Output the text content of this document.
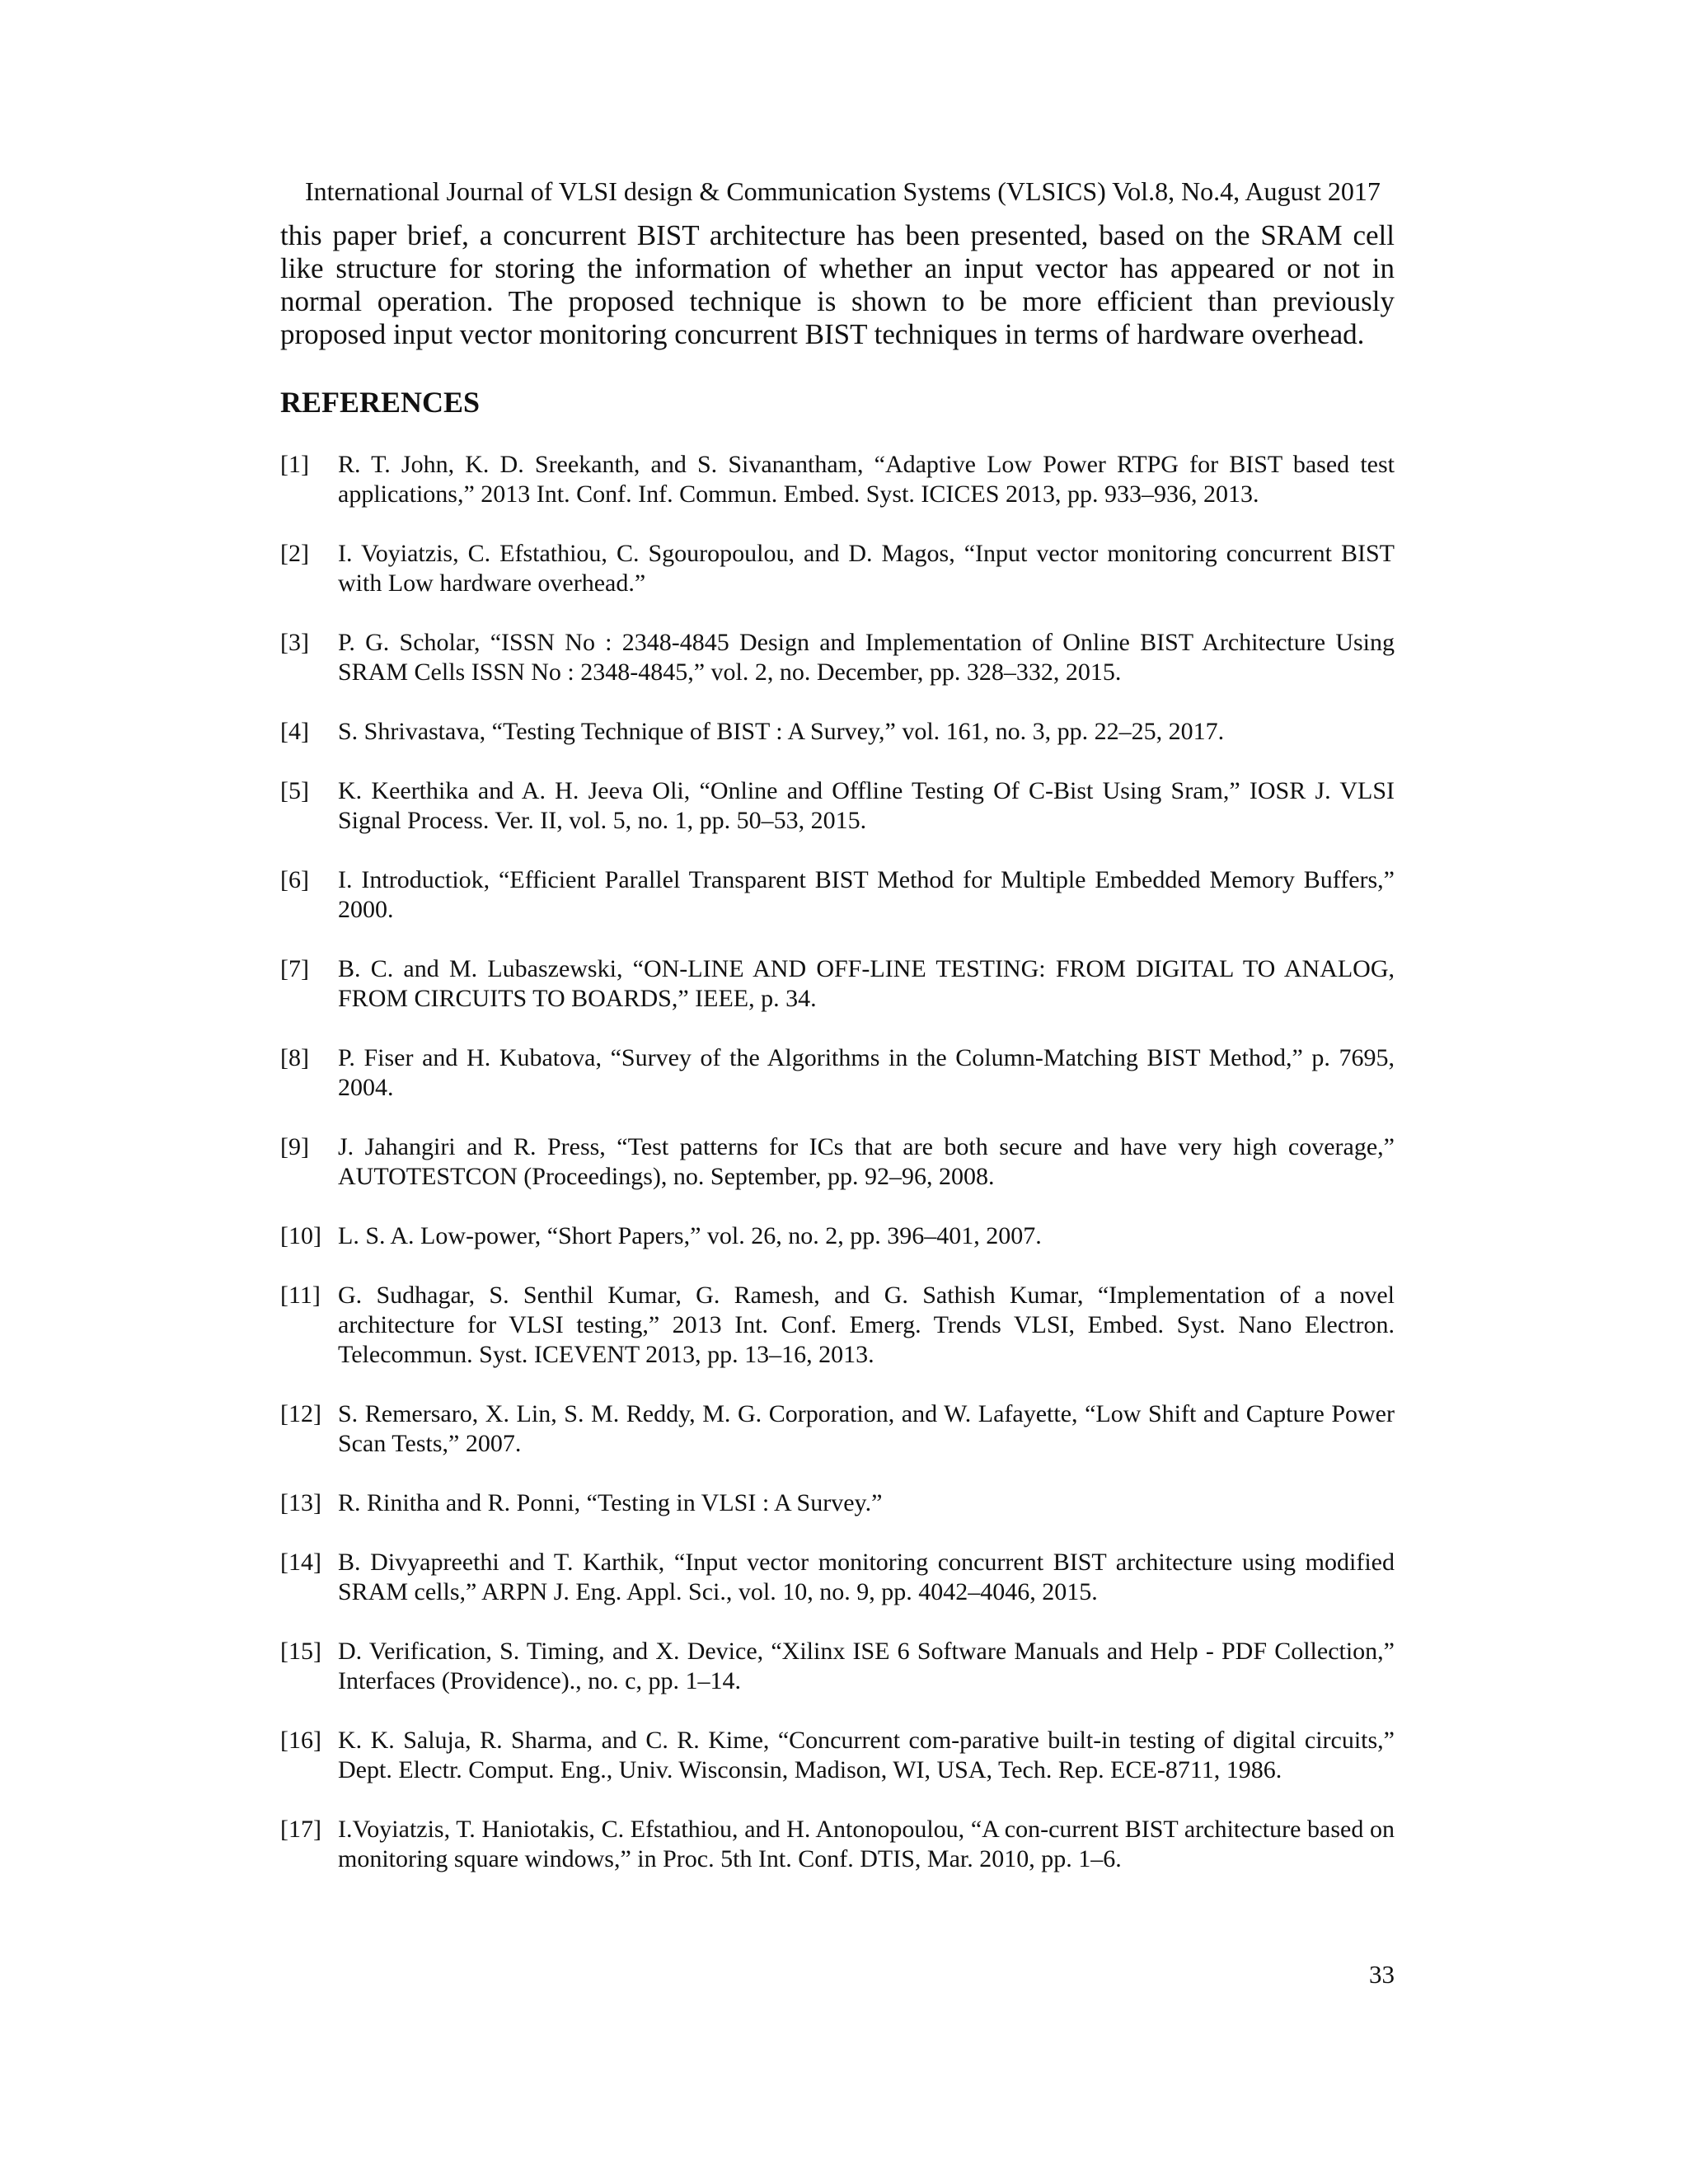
International Journal of VLSI design & Communication Systems (VLSICS) Vol.8, No.4, August 2017

this paper brief, a concurrent BIST architecture has been presented, based on the SRAM cell like structure for storing the information of whether an input vector has appeared or not in normal operation. The proposed technique is shown to be more efficient than previously proposed input vector monitoring concurrent BIST techniques in terms of hardware overhead.

REFERENCES
[1]	R. T. John, K. D. Sreekanth, and S. Sivanantham, “Adaptive Low Power RTPG for BIST based test applications,” 2013 Int. Conf. Inf. Commun. Embed. Syst. ICICES 2013, pp. 933–936, 2013.
[2]	I. Voyiatzis, C. Efstathiou, C. Sgouropoulou, and D. Magos, “Input vector monitoring concurrent BIST with Low hardware overhead.”
[3]	P. G. Scholar, “ISSN No : 2348-4845 Design and Implementation of Online BIST Architecture Using SRAM Cells ISSN No : 2348-4845,” vol. 2, no. December, pp. 328–332, 2015.
[4]	S. Shrivastava, “Testing Technique of BIST : A Survey,” vol. 161, no. 3, pp. 22–25, 2017.
[5]	K. Keerthika and A. H. Jeeva Oli, “Online and Offline Testing Of C-Bist Using Sram,” IOSR J. VLSI Signal Process. Ver. II, vol. 5, no. 1, pp. 50–53, 2015.
[6]	I. Introductiok, “Efficient Parallel Transparent BIST Method for Multiple Embedded Memory Buffers,” 2000.
[7]	B. C. and M. Lubaszewski, “ON-LINE AND OFF-LINE TESTING: FROM DIGITAL TO ANALOG, FROM CIRCUITS TO BOARDS,” IEEE, p. 34.
[8]	P. Fiser and H. Kubatova, “Survey of the Algorithms in the Column-Matching BIST Method,” p. 7695, 2004.
[9]	J. Jahangiri and R. Press, “Test patterns for ICs that are both secure and have very high coverage,” AUTOTESTCON (Proceedings), no. September, pp. 92–96, 2008.
[10] L. S. A. Low-power, “Short Papers,” vol. 26, no. 2, pp. 396–401, 2007.
[11] G. Sudhagar, S. Senthil Kumar, G. Ramesh, and G. Sathish Kumar, “Implementation of a novel architecture for VLSI testing,” 2013 Int. Conf. Emerg. Trends VLSI, Embed. Syst. Nano Electron. Telecommun. Syst. ICEVENT 2013, pp. 13–16, 2013.
[12] S. Remersaro, X. Lin, S. M. Reddy, M. G. Corporation, and W. Lafayette, “Low Shift and Capture Power Scan Tests,” 2007.
[13] R. Rinitha and R. Ponni, “Testing in VLSI : A Survey.”
[14] B. Divyapreethi and T. Karthik, “Input vector monitoring concurrent BIST architecture using modified SRAM cells,” ARPN J. Eng. Appl. Sci., vol. 10, no. 9, pp. 4042–4046, 2015.
[15] D. Verification, S. Timing, and X. Device, “Xilinx ISE 6 Software Manuals and Help - PDF Collection,” Interfaces (Providence)., no. c, pp. 1–14.
[16] K. K. Saluja, R. Sharma, and C. R. Kime, “Concurrent com-parative built-in testing of digital circuits,” Dept. Electr. Comput. Eng., Univ. Wisconsin, Madison, WI, USA, Tech. Rep. ECE-8711, 1986.
[17] I.Voyiatzis, T. Haniotakis, C. Efstathiou, and H. Antonopoulou, “A con-current BIST architecture based on monitoring square windows,” in Proc. 5th Int. Conf. DTIS, Mar. 2010, pp. 1–6.
33
